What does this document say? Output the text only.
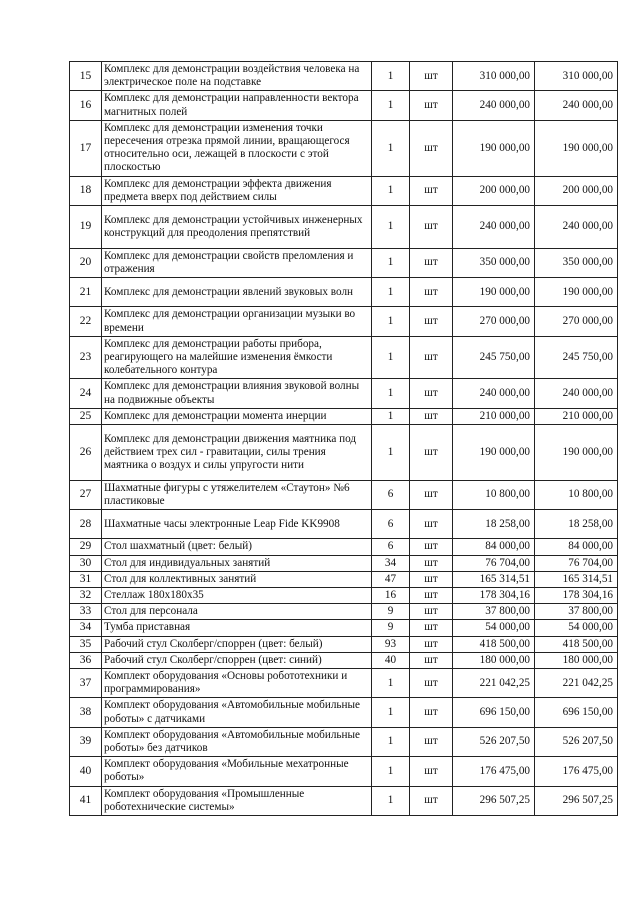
15	Комплекс для демонстрации воздействия человека на электрическое поле на подставке	1	шт	310 000,00	310 000,00
16	Комплекс для демонстрации направленности вектора магнитных полей	1	шт	240 000,00	240 000,00
17	Комплекс для демонстрации изменения точки пересечения отрезка прямой линии, вращающегося относительно оси, лежащей в плоскости с этой плоскостью	1	шт	190 000,00	190 000,00
18	Комплекс для демонстрации эффекта движения предмета вверх под действием силы	1	шт	200 000,00	200 000,00
19	Комплекс для демонстрации устойчивых инженерных конструкций для преодоления препятствий	1	шт	240 000,00	240 000,00
20	Комплекс для демонстрации свойств преломления и отражения	1	шт	350 000,00	350 000,00
21	Комплекс для демонстрации явлений звуковых волн	1	шт	190 000,00	190 000,00
22	Комплекс для демонстрации организации музыки во времени	1	шт	270 000,00	270 000,00
23	Комплекс для демонстрации работы прибора, реагирующего на малейшие изменения ёмкости колебательного контура	1	шт	245 750,00	245 750,00
24	Комплекс для демонстрации влияния звуковой волны на подвижные объекты	1	шт	240 000,00	240 000,00
25	Комплекс для демонстрации момента инерции	1	шт	210 000,00	210 000,00
26	Комплекс для демонстрации движения маятника под действием трех сил - гравитации, силы трения маятника о воздух и силы упругости нити	1	шт	190 000,00	190 000,00
27	Шахматные фигуры с утяжелителем «Стаутон» №6 пластиковые	6	шт	10 800,00	10 800,00
28	Шахматные часы электронные Leap Fide KK9908	6	шт	18 258,00	18 258,00
29	Стол шахматный (цвет: белый)	6	шт	84 000,00	84 000,00
30	Стол для индивидуальных занятий	34	шт	76 704,00	76 704,00
31	Стол для коллективных занятий	47	шт	165 314,51	165 314,51
32	Стеллаж 180х180х35	16	шт	178 304,16	178 304,16
33	Стол для персонала	9	шт	37 800,00	37 800,00
34	Тумба приставная	9	шт	54 000,00	54 000,00
35	Рабочий стул Сколберг/споррен (цвет: белый)	93	шт	418 500,00	418 500,00
36	Рабочий стул Сколберг/споррен (цвет: синий)	40	шт	180 000,00	180 000,00
37	Комплект оборудования «Основы робототехники и программирования»	1	шт	221 042,25	221 042,25
38	Комплект оборудования «Автомобильные мобильные роботы» с датчиками	1	шт	696 150,00	696 150,00
39	Комплект оборудования «Автомобильные мобильные роботы» без датчиков	1	шт	526 207,50	526 207,50
40	Комплект оборудования «Мобильные мехатронные роботы»	1	шт	176 475,00	176 475,00
41	Комплект оборудования «Промышленные роботехнические системы»	1	шт	296 507,25	296 507,25
